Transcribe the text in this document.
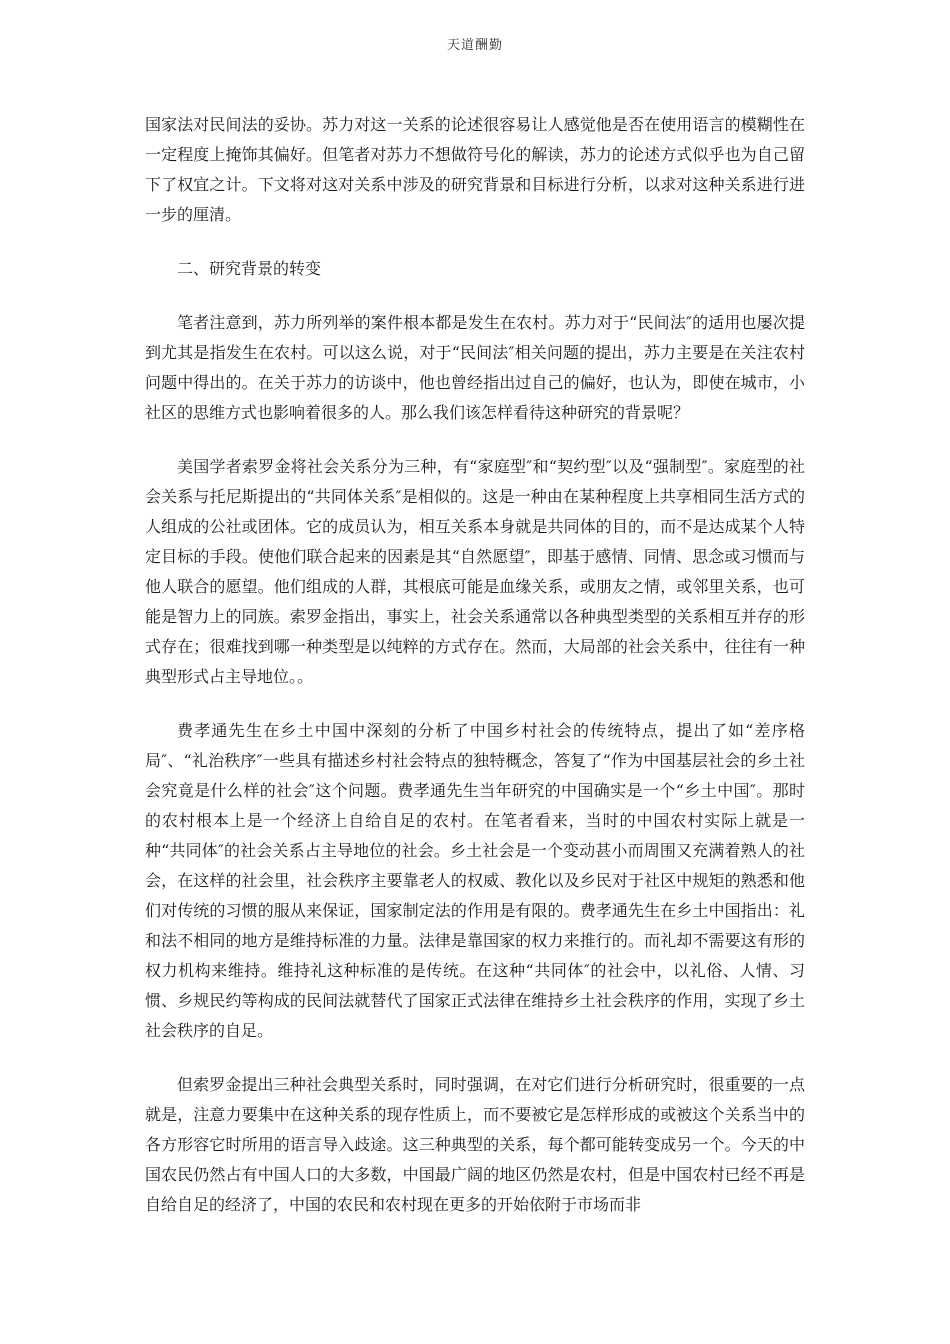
天道酬勤

国家法对民间法的妥协。苏力对这一关系的论述很容易让人感觉他是否在使用语言的模糊性在一定程度上掩饰其偏好。但笔者对苏力不想做符号化的解读，苏力的论述方式似乎也为自己留下了权宜之计。下文将对这对关系中涉及的研究背景和目标进行分析，以求对这种关系进行进一步的厘清。

二、研究背景的转变

笔者注意到，苏力所列举的案件根本都是发生在农村。苏力对于“民间法″的适用也屡次提到尤其是指发生在农村。可以这么说，对于“民间法″相关问题的提出，苏力主要是在关注农村问题中得出的。在关于苏力的访谈中，他也曾经指出过自己的偏好，也认为，即使在城市，小社区的思维方式也影响着很多的人。那么我们该怎样看待这种研究的背景呢？

美国学者索罗金将社会关系分为三种，有“家庭型″和“契约型″以及“强制型″。家庭型的社会关系与托尼斯提出的“共同体关系″是相似的。这是一种由在某种程度上共享相同生活方式的人组成的公社或团体。它的成员认为，相互关系本身就是共同体的目的，而不是达成某个人特定目标的手段。使他们联合起来的因素是其“自然愿望″，即基于感情、同情、思念或习惯而与他人联合的愿望。他们组成的人群，其根底可能是血缘关系，或朋友之情，或邻里关系，也可能是智力上的同族。索罗金指出，事实上，社会关系通常以各种典型类型的关系相互并存的形式存在；很难找到哪一种类型是以纯粹的方式存在。然而，大局部的社会关系中，往往有一种典型形式占主导地位。。

费孝通先生在乡土中国中深刻的分析了中国乡村社会的传统特点，提出了如“差序格局″、“礼治秩序″一些具有描述乡村社会特点的独特概念，答复了“作为中国基层社会的乡土社会究竟是什么样的社会″这个问题。费孝通先生当年研究的中国确实是一个“乡土中国″。那时的农村根本上是一个经济上自给自足的农村。在笔者看来，当时的中国农村实际上就是一种“共同体″的社会关系占主导地位的社会。乡土社会是一个变动甚小而周围又充满着熟人的社会，在这样的社会里，社会秩序主要靠老人的权威、教化以及乡民对于社区中规矩的熟悉和他们对传统的习惯的服从来保证，国家制定法的作用是有限的。费孝通先生在乡土中国指出：礼和法不相同的地方是维持标准的力量。法律是靠国家的权力来推行的。而礼却不需要这有形的权力机构来维持。维持礼这种标准的是传统。在这种“共同体″的社会中，以礼俗、人情、习惯、乡规民约等构成的民间法就替代了国家正式法律在维持乡土社会秩序的作用，实现了乡土社会秩序的自足。

但索罗金提出三种社会典型关系时，同时强调，在对它们进行分析研究时，很重要的一点就是，注意力要集中在这种关系的现存性质上，而不要被它是怎样形成的或被这个关系当中的各方形容它时所用的语言导入歧途。这三种典型的关系，每个都可能转变成另一个。今天的中国农民仍然占有中国人口的大多数，中国最广阔的地区仍然是农村，但是中国农村已经不再是自给自足的经济了，中国的农民和农村现在更多的开始依附于市场而非
